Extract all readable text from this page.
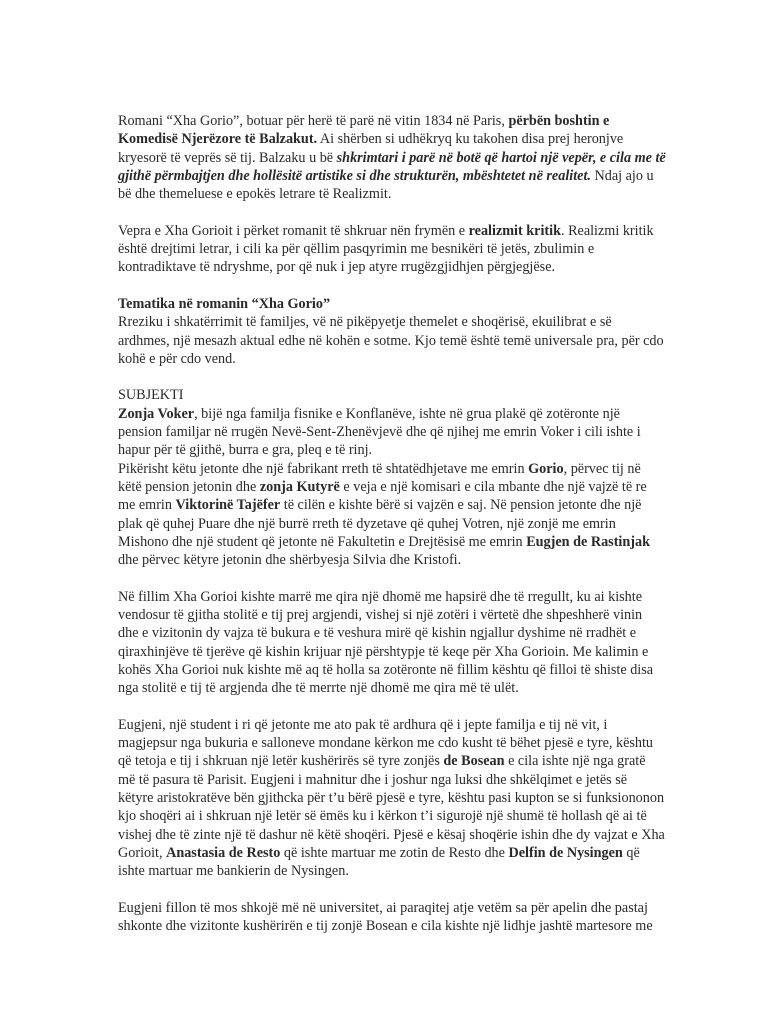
Romani “Xha Gorio”, botuar për herë të parë në vitin 1834 në Paris, përbën boshtin e Komedisë Njerëzore të Balzakut. Ai shërben si udhëkryq ku takohen disa prej heronjve kryesorë të veprës së tij. Balzaku u bë shkrimtari i parë në botë që hartoi një vepër, e cila me të gjithë përmbajtjen dhe hollësitë artistike si dhe strukturën, mbështetet në realitet. Ndaj ajo u bë dhe themeluese e epokës letrare të Realizmit.

Vepra e Xha Gorioit i përket romanit të shkruar nën frymën e realizmit kritik. Realizmi kritik është drejtimi letrar, i cili ka për qëllim pasqyrimin me besnikëri të jetës, zbulimin e kontradiktave të ndryshme, por që nuk i jep atyre rrugëzgjidhjen përgjegjëse.

Tematika në romanin “Xha Gorio”

Rreziku i shkatërrimit të familjes, vë në pikëpyetje themelet e shoqërisë, ekuilibrat e së ardhmes, një mesazh aktual edhe në kohën e sotme. Kjo temë është temë universale pra, për cdo kohë e për cdo vend.

SUBJEKTI

Zonja Voker, bijë nga familja fisnike e Konflanëve, ishte në grua plakë që zotëronte një pension familjar në rrugën Nevë-Sent-Zhenëvjevë dhe që njihej me emrin Voker i cili ishte i hapur për të gjithë, burra e gra, pleq e të rinj.

Pikërisht këtu jetonte dhe një fabrikant rreth të shtatëdhjetave me emrin Gorio, përvec tij në këtë pension jetonin dhe zonja Kutyrë e veja e një komisari e cila mbante dhe një vajzë të re me emrin Viktorinë Tajëfer të cilën e kishte bërë si vajzën e saj. Në pension jetonte dhe një plak që quhej Puare dhe një burrë rreth të dyzetave që quhej Votren, një zonjë me emrin Mishono dhe një student që jetonte në Fakultetin e Drejtësisë me emrin Eugjen de Rastinjak dhe përvec këtyre jetonin dhe shërbyesja Silvia dhe Kristofi.

Në fillim Xha Gorioi kishte marrë me qira një dhomë me hapsirë dhe të rregullt, ku ai kishte vendosur të gjitha stolitë e tij prej argjendi, vishej si një zotëri i vërtetë dhe shpeshherë vinin dhe e vizitonin dy vajza të bukura e të veshura mirë që kishin ngjallur dyshime në rradhët e qiraxhinjëve të tjerëve që kishin krijuar një përshtypje të keqe për Xha Gorioin. Me kalimin e kohës Xha Gorioi nuk kishte më aq të holla sa zotëronte në fillim kështu që filloi të shiste disa nga stolitë e tij të argjenda dhe të merrte një dhomë me qira më të ulët.

Eugjeni, një student i ri që jetonte me ato pak të ardhura që i jepte familja e tij në vit, i magjepsur nga bukuria e salloneve mondane kërkon me cdo kusht të bëhet pjesë e tyre, kështu që tetoja e tij i shkruan një letër kushërirës së tyre zonjës de Bosean e cila ishte një nga gratë më të pasura të Parisit. Eugjeni i mahnitur dhe i joshur nga luksi dhe shkëlqimet e jetës së këtyre aristokratëve bën gjithcka për t’u bërë pjesë e tyre, kështu pasi kupton se si funksiononon kjo shoqëri ai i shkruan një letër së ëmës ku i kërkon t’i sigurojë një shumë të hollash që ai të vishej dhe të zinte një të dashur në këtë shoqëri. Pjesë e kësaj shoqërie ishin dhe dy vajzat e Xha Gorioit, Anastasia de Resto që ishte martuar me zotin de Resto dhe Delfin de Nysingen që ishte martuar me bankierin de Nysingen.

Eugjeni fillon të mos shkojë më në universitet, ai paraqitej atje vetëm sa për apelin dhe pastaj shkonte dhe vizitonte kushërirën e tij zonjë Bosean e cila kishte një lidhje jashtë martesore me
